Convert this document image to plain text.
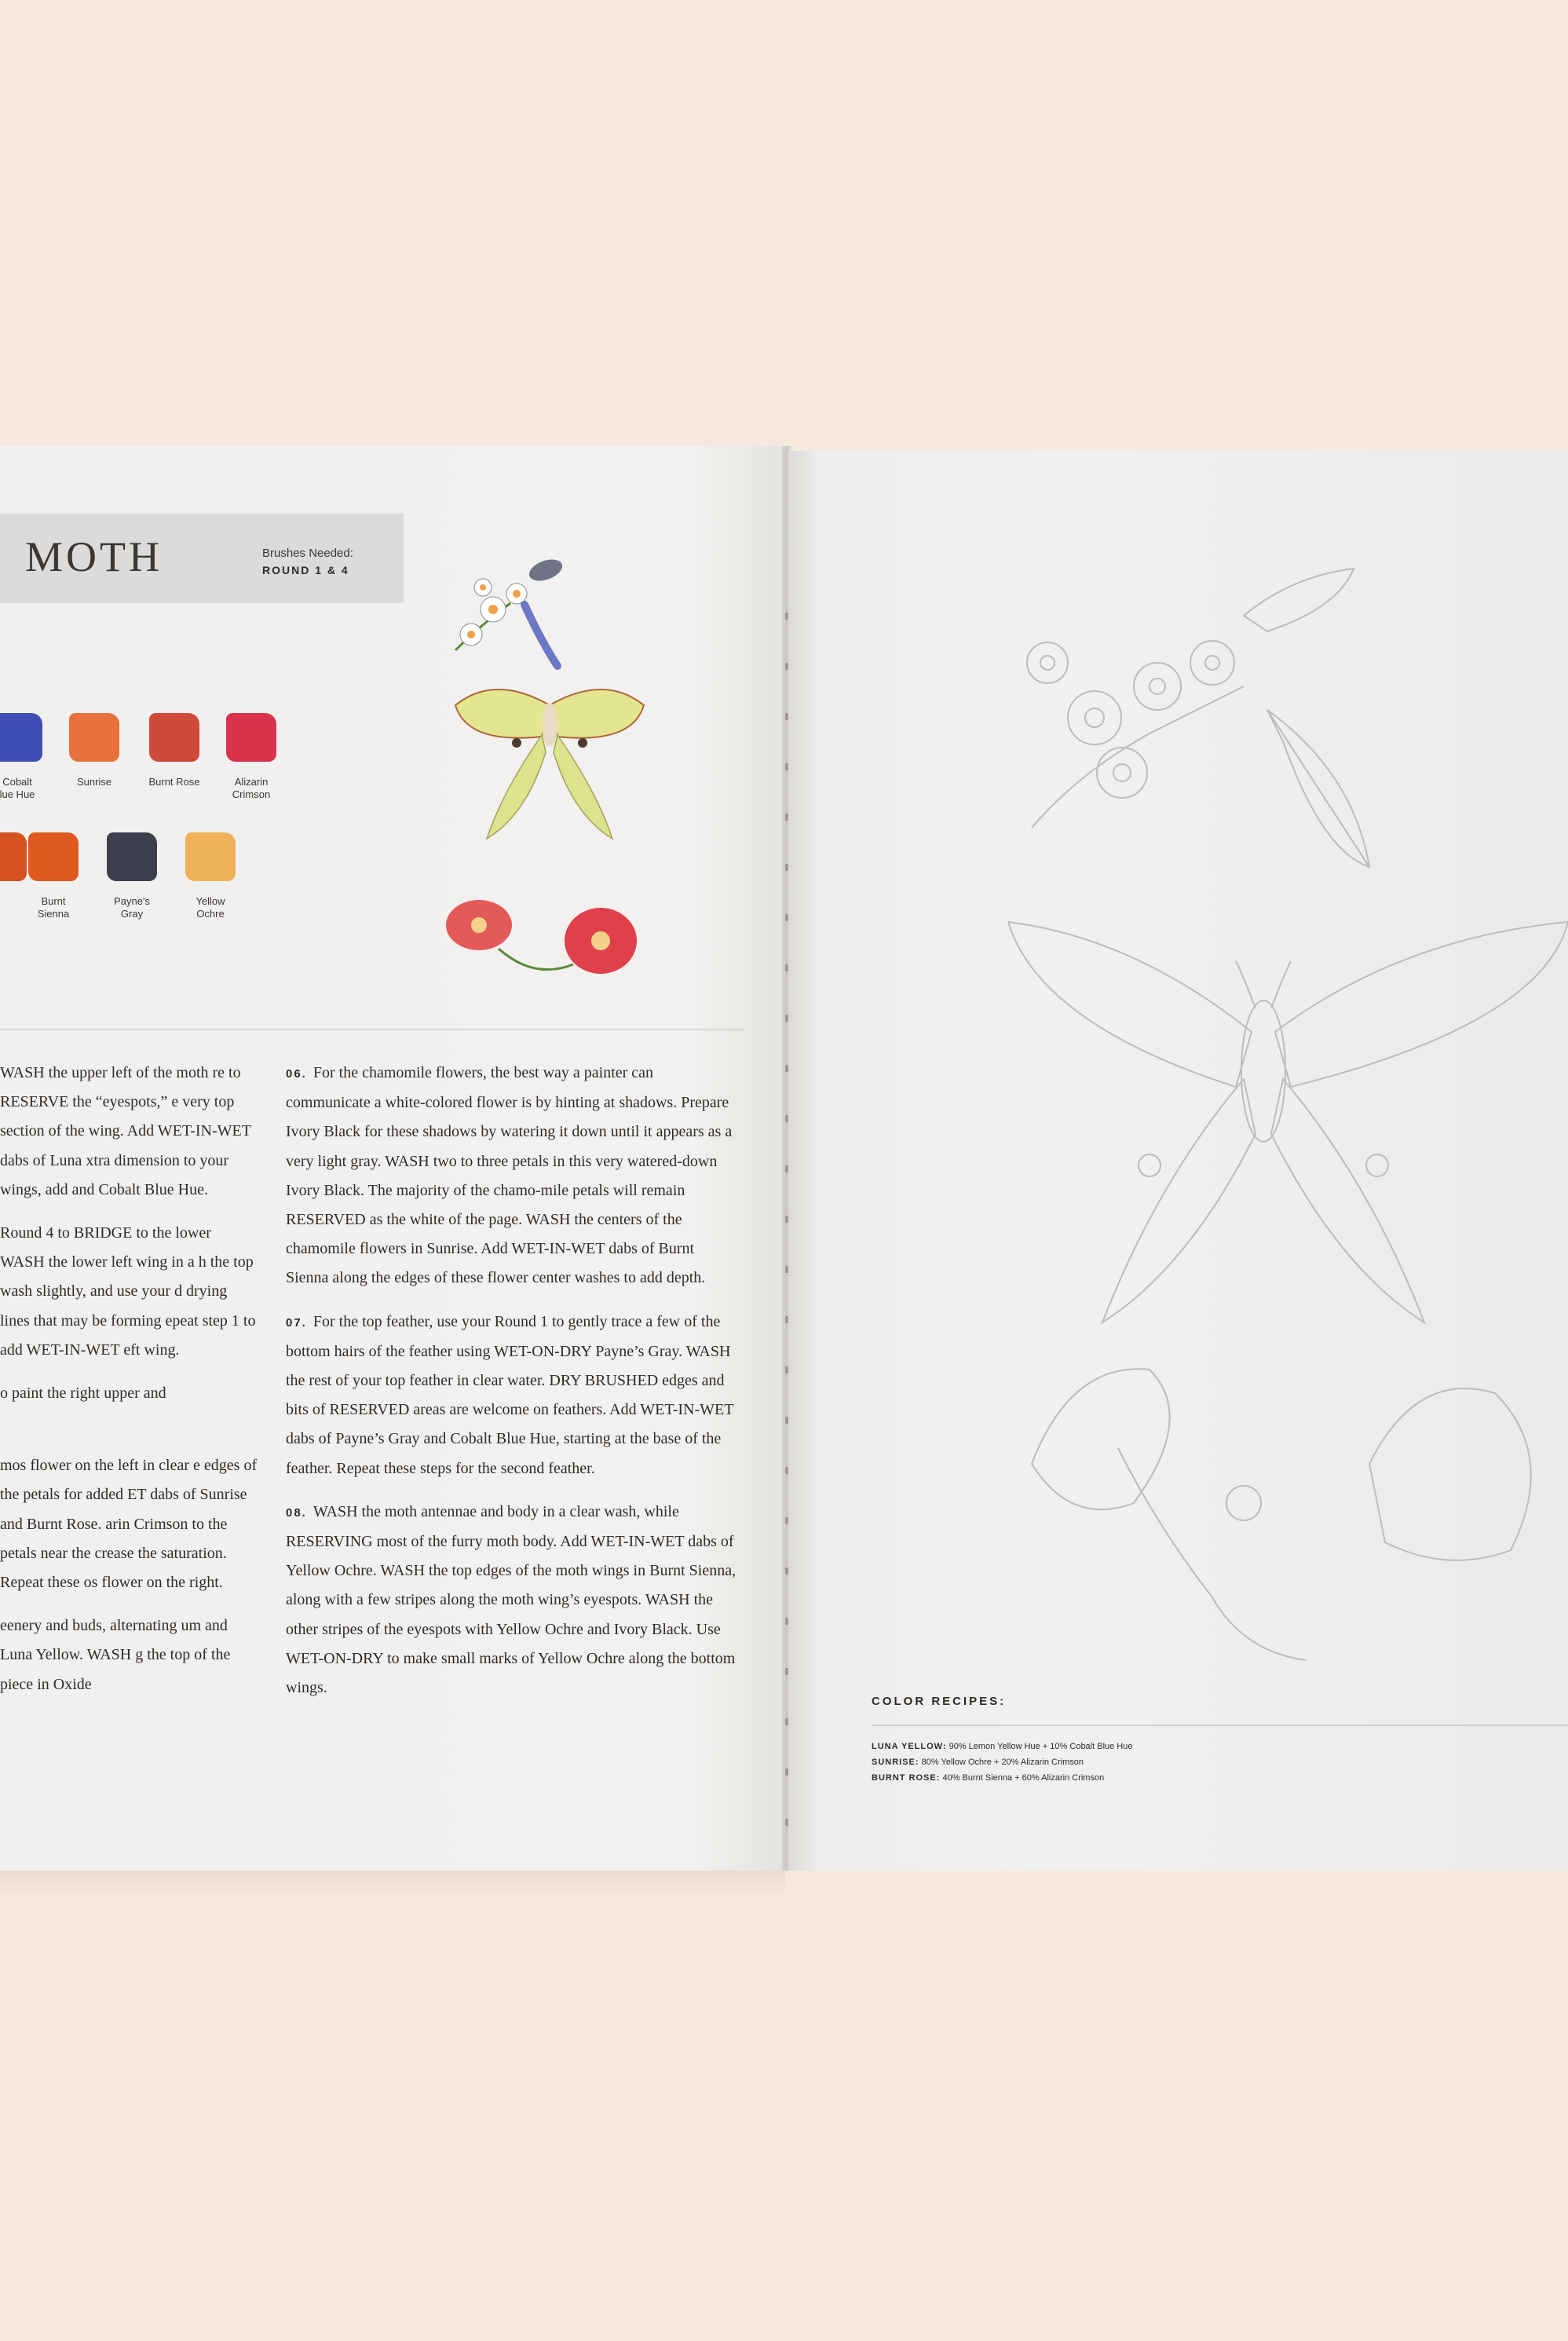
MOTH	Brushes Needed:
ROUND 1 & 4
Cobalt
lue Hue
Sunrise	Burnt Rose	Alizarin
Crimson
Burnt
Sienna
Payne's
Gray
Yellow
Ochre

WASH the upper left of the moth re to RESERVE the “eyespots,” e very top section of the wing. Add WET-IN-WET dabs of Luna xtra dimension to your wings, add and Cobalt Blue Hue.

Round 4 to BRIDGE to the lower WASH the lower left wing in a h the top wash slightly, and use your d drying lines that may be forming epeat step 1 to add WET-IN-WET eft wing.

o paint the right upper and

mos flower on the left in clear e edges of the petals for added ET dabs of Sunrise and Burnt Rose. arin Crimson to the petals near the crease the saturation. Repeat these os flower on the right.

eenery and buds, alternating um and Luna Yellow. WASH g the top of the piece in Oxide

06. For the chamomile flowers, the best way a painter can communicate a white-colored flower is by hinting at shadows. Prepare Ivory Black for these shadows by watering it down until it appears as a very light gray. WASH two to three petals in this very watered-down Ivory Black. The majority of the chamo-mile petals will remain RESERVED as the white of the page. WASH the centers of the chamomile flowers in Sunrise. Add WET-IN-WET dabs of Burnt Sienna along the edges of these flower center washes to add depth.

07. For the top feather, use your Round 1 to gently trace a few of the bottom hairs of the feather using WET-ON-DRY Payne’s Gray. WASH the rest of your top feather in clear water. DRY BRUSHED edges and bits of RESERVED areas are welcome on feathers. Add WET-IN-WET dabs of Payne’s Gray and Cobalt Blue Hue, starting at the base of the feather. Repeat these steps for the second feather.

08. WASH the moth antennae and body in a clear wash, while RESERVING most of the furry moth body. Add WET-IN-WET dabs of Yellow Ochre. WASH the top edges of the moth wings in Burnt Sienna, along with a few stripes along the moth wing’s eyespots. WASH the other stripes of the eyespots with Yellow Ochre and Ivory Black. Use WET-ON-DRY to make small marks of Yellow Ochre along the bottom wings.

COLOR RECIPES:
LUNA YELLOW: 90% Lemon Yellow Hue + 10% Cobalt Blue Hue
SUNRISE: 80% Yellow Ochre + 20% Alizarin Crimson
BURNT ROSE: 40% Burnt Sienna + 60% Alizarin Crimson
